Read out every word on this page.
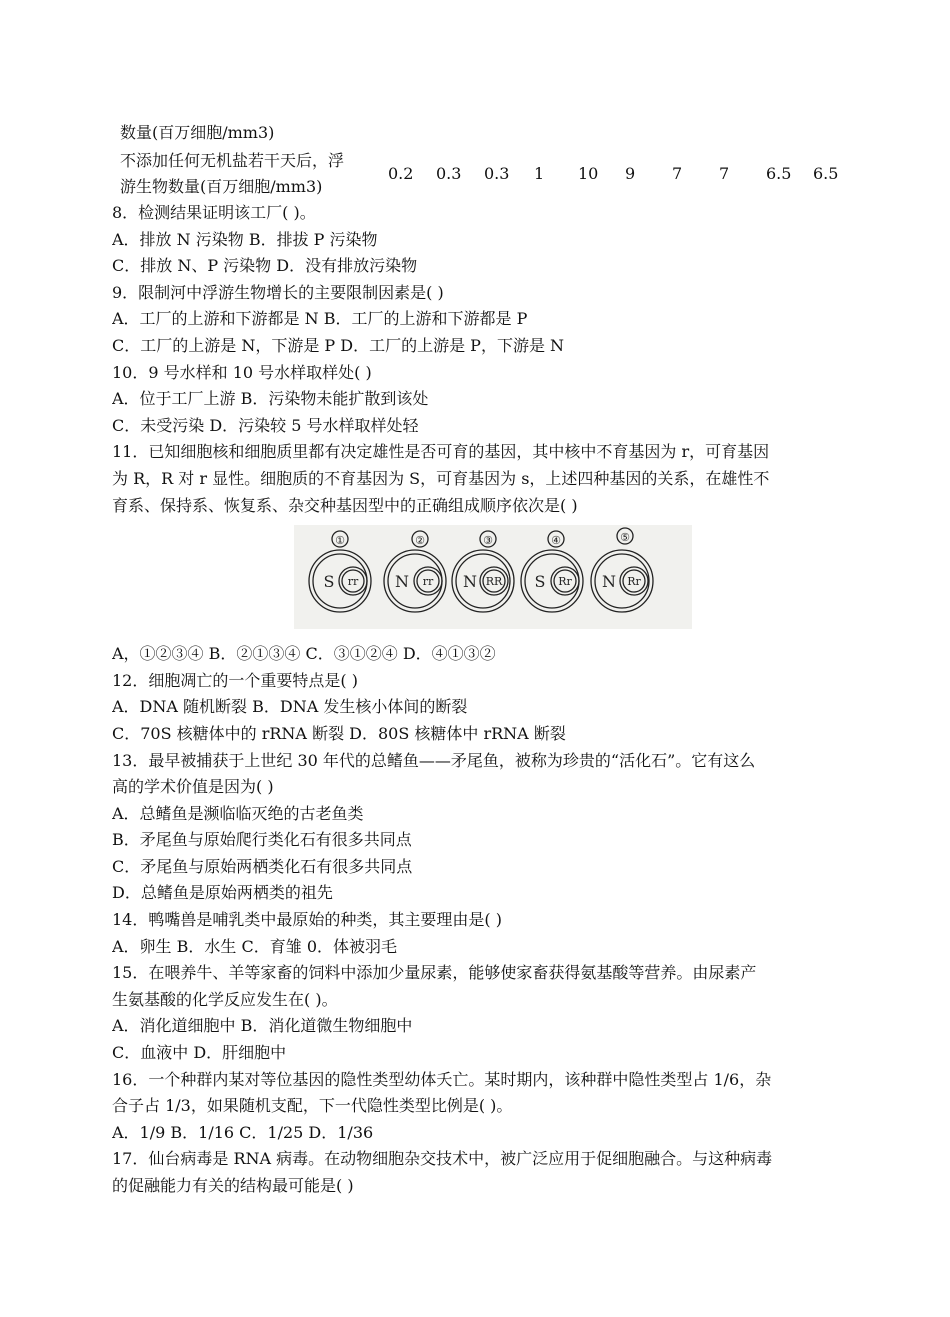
数量(百万细胞/mm3)
不添加任何无机盐若干天后，浮
游生物数量(百万细胞/mm3)
0.2 0.3 0.3 1 10 9 7 7 6.5 6.5
8．检测结果证明该工厂( )。
A．排放 N 污染物 B．排拔 P 污染物
C．排放 N、P 污染物 D．没有排放污染物
9．限制河中浮游生物增长的主要限制因素是( )
A．工厂的上游和下游都是 N B．工厂的上游和下游都是 P
C．工厂的上游是 N，下游是 P D．工厂的上游是 P，下游是 N
10．9 号水样和 10 号水样取样处( )
A．位于工厂上游 B．污染物未能扩散到该处
C．未受污染 D．污染较 5 号水样取样处轻
11．已知细胞核和细胞质里都有决定雄性是否可育的基因，其中核中不育基因为 r，可育基因
为 R，R 对 r 显性。细胞质的不育基因为 S，可育基因为 s，上述四种基因的关系，在雄性不
育系、保持系、恢复系、杂交种基因型中的正确组成顺序依次是( )
①
S rr
②
N rr
③
N RR
④
S Rr
⑤
N Rr
A，①②③④ B．②①③④ C．③①②④ D．④①③②
12．细胞凋亡的一个重要特点是( )
A．DNA 随机断裂 B．DNA 发生核小体间的断裂
C．70S 核糖体中的 rRNA 断裂 D．80S 核糖体中 rRNA 断裂
13．最早被捕获于上世纪 30 年代的总鳍鱼——矛尾鱼，被称为珍贵的“活化石”。它有这么
高的学术价值是因为( )
A．总鳍鱼是濒临临灭绝的古老鱼类
B．矛尾鱼与原始爬行类化石有很多共同点
C．矛尾鱼与原始两栖类化石有很多共同点
D．总鳍鱼是原始两栖类的祖先
14．鸭嘴兽是哺乳类中最原始的种类，其主要理由是( )
A．卵生 B．水生 C．育雏 0．体被羽毛
15．在喂养牛、羊等家畜的饲料中添加少量尿素，能够使家畜获得氨基酸等营养。由尿素产
生氨基酸的化学反应发生在( )。
A．消化道细胞中 B．消化道微生物细胞中
C．血液中 D．肝细胞中
16．一个种群内某对等位基因的隐性类型幼体夭亡。某时期内，该种群中隐性类型占 1/6，杂
合子占 1/3，如果随机支配，下一代隐性类型比例是( )。
A．1/9 B．1/16 C．1/25 D．1/36
17．仙台病毒是 RNA 病毒。在动物细胞杂交技术中，被广泛应用于促细胞融合。与这种病毒
的促融能力有关的结构最可能是( )
